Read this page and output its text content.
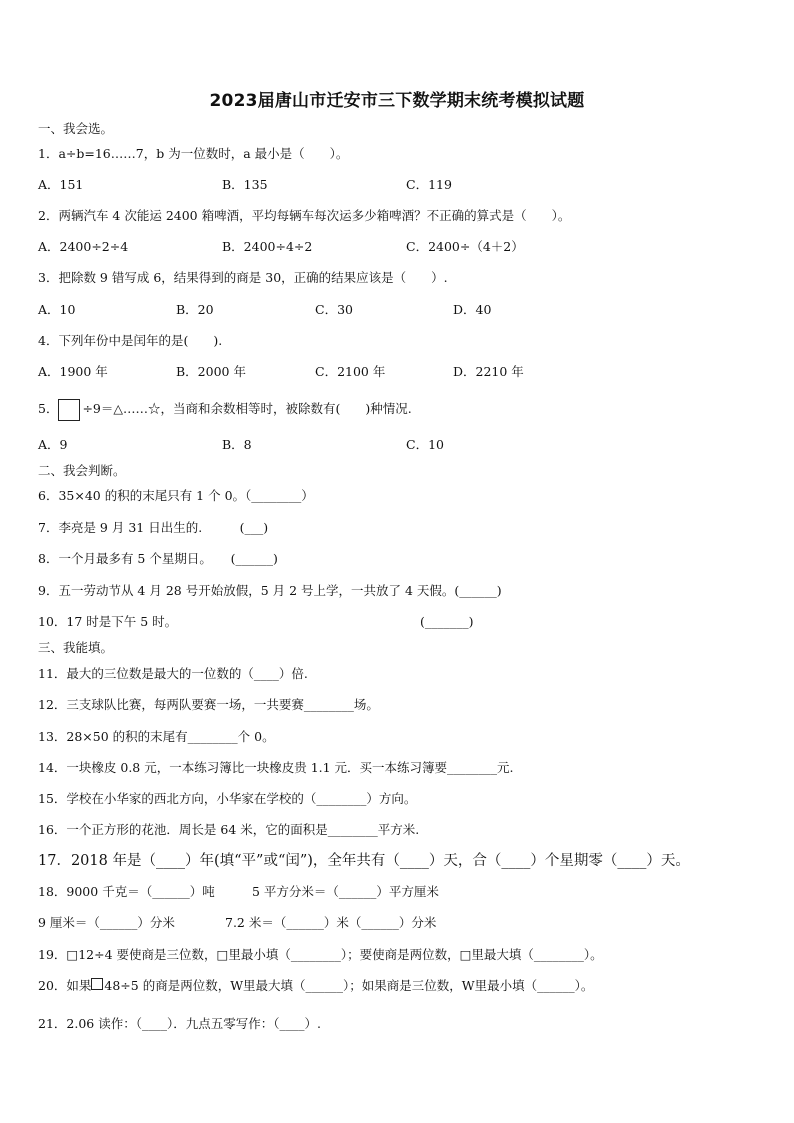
2023届唐山市迁安市三下数学期末统考模拟试题
一、我会选。
1．a÷b=16……7，b 为一位数时，a 最小是（　　）。
A．151	B．135	C．119
2．两辆汽车 4 次能运 2400 箱啤酒，平均每辆车每次运多少箱啤酒？不正确的算式是（　　）。
A．2400÷2÷4	B．2400÷4÷2	C．2400÷（4＋2）
3．把除数 9 错写成 6，结果得到的商是 30，正确的结果应该是（　　）.
A．10	B．20	C．30	D．40
4．下列年份中是闰年的是(　　).
A．1900 年	B．2000 年	C．2100 年	D．2210 年
5． ÷9＝△……☆，当商和余数相等时，被除数有(　　)种情况.
A．9	B．8	C．10
二、我会判断。
6．35×40 的积的末尾只有 1 个 0。（________）
7．李亮是 9 月 31 日出生的.　　　(___)
8．一个月最多有 5 个星期日。　　(______)
9．五一劳动节从 4 月 28 号开始放假，5 月 2 号上学，一共放了 4 天假。(______)
10．17 时是下午 5 时。	(_______)
三、我能填。
11．最大的三位数是最大的一位数的（____）倍.
12．三支球队比赛，每两队要赛一场，一共要赛________场。
13．28×50 的积的末尾有________个 0。
14．一块橡皮 0.8 元，一本练习簿比一块橡皮贵 1.1 元．买一本练习簿要________元.
15．学校在小华家的西北方向，小华家在学校的（________）方向。
16．一个正方形的花池．周长是 64 米，它的面积是________平方米.
17．2018 年是（____）年(填“平”或“闰”)，全年共有（____）天，合（____）个星期零（____）天。
18．9000 千克＝（______）吨	5 平方分米＝（______）平方厘米
9 厘米＝（______）分米	7.2 米＝（______）米（______）分米
19．□12÷4 要使商是三位数，□里最小填（________）；要使商是两位数，□里最大填（________）。
20．如果 48÷5 的商是两位数，W里最大填（______）；如果商是三位数，W里最小填（______）。
21．2.06 读作：（____）．九点五零写作：（____）.
